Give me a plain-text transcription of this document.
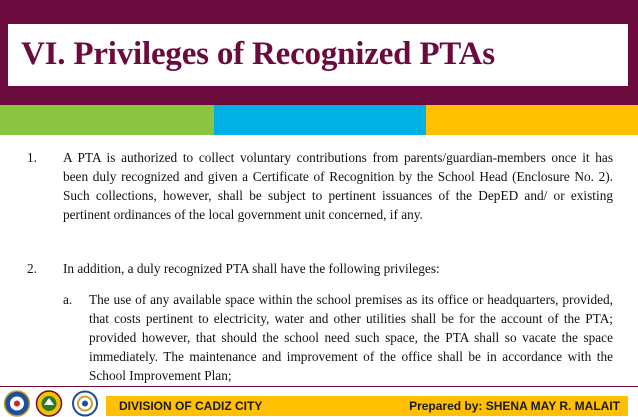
VI. Privileges of Recognized PTAs
1.	A PTA is authorized to collect voluntary contributions from parents/guardian-members once it has been duly recognized and given a Certificate of Recognition by the School Head (Enclosure No. 2). Such collections, however, shall be subject to pertinent issuances of the DepED and/ or existing pertinent ordinances of the local government unit concerned, if any.
2.	In addition, a duly recognized PTA shall have the following privileges:
a.	The use of any available space within the school premises as its office or headquarters, provided, that costs pertinent to electricity, water and other utilities shall be for the account of the PTA; provided however, that should the school need such space, the PTA shall so vacate the space immediately. The maintenance and improvement of the office shall be in accordance with the School Improvement Plan;
DIVISION OF CADIZ CITY	Prepared by: SHENA MAY R. MALAIT
